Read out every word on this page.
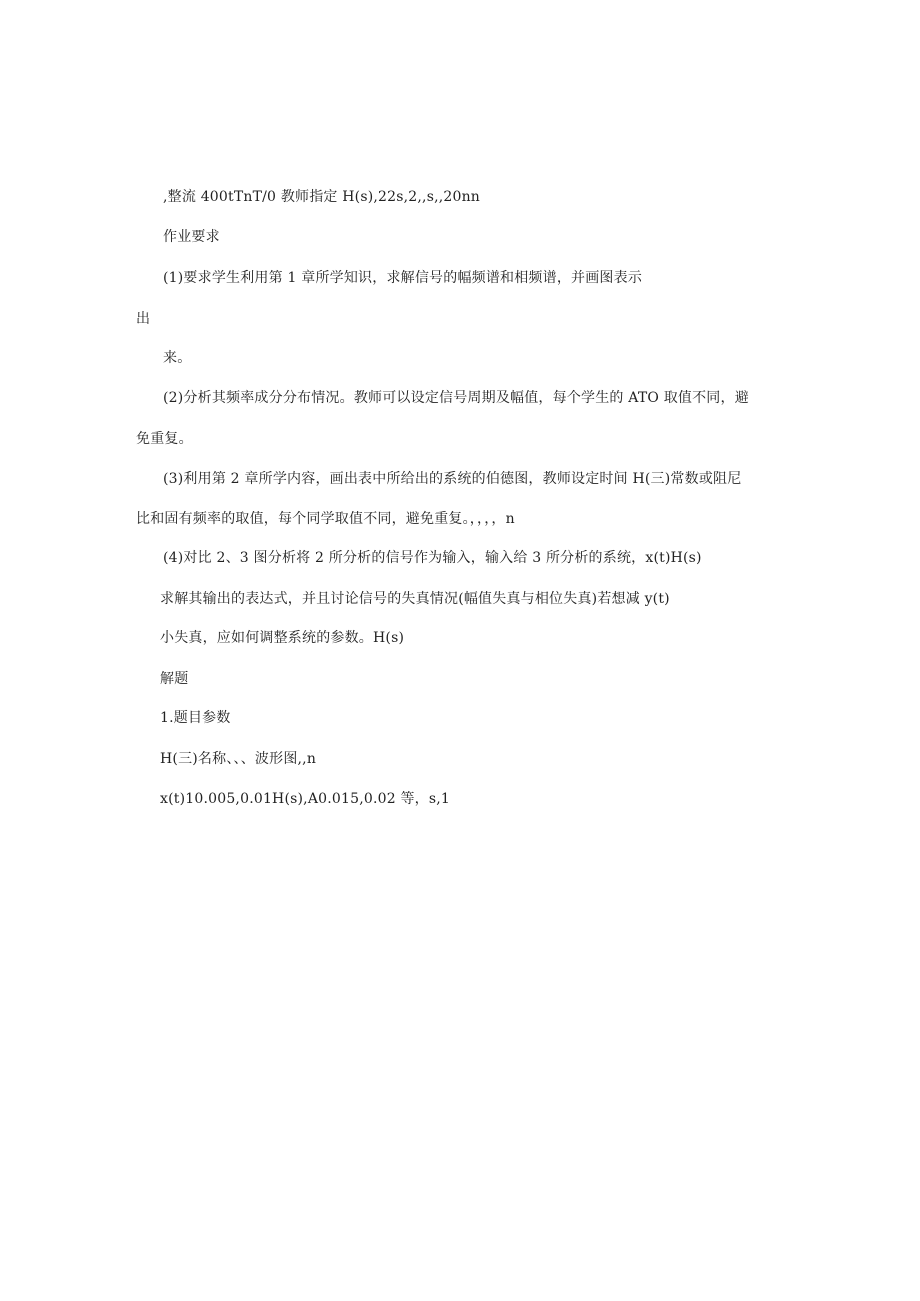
,整流 400tTnT/0 教师指定 H(s),22s,2,,s,,20nn
作业要求
(1)要求学生利用第 1 章所学知识，求解信号的幅频谱和相频谱，并画图表示
出
来。
(2)分析其频率成分分布情况。教师可以设定信号周期及幅值，每个学生的 ATO 取值不同，避
免重复。
(3)利用第 2 章所学内容，画出表中所给出的系统的伯德图，教师设定时间 H(三)常数或阻尼
比和固有频率的取值，每个同学取值不同，避免重复。，，，，n
(4)对比 2、3 图分析将 2 所分析的信号作为输入，输入给 3 所分析的系统，x(t)H(s)
求解其输出的表达式，并且讨论信号的失真情况(幅值失真与相位失真)若想减 y(t)
小失真，应如何调整系统的参数。H(s)
解题
1.题目参数
H(三)名称、、、波形图,,n
x(t)10.005,0.01H(s),A0.015,0.02 等，s,1
